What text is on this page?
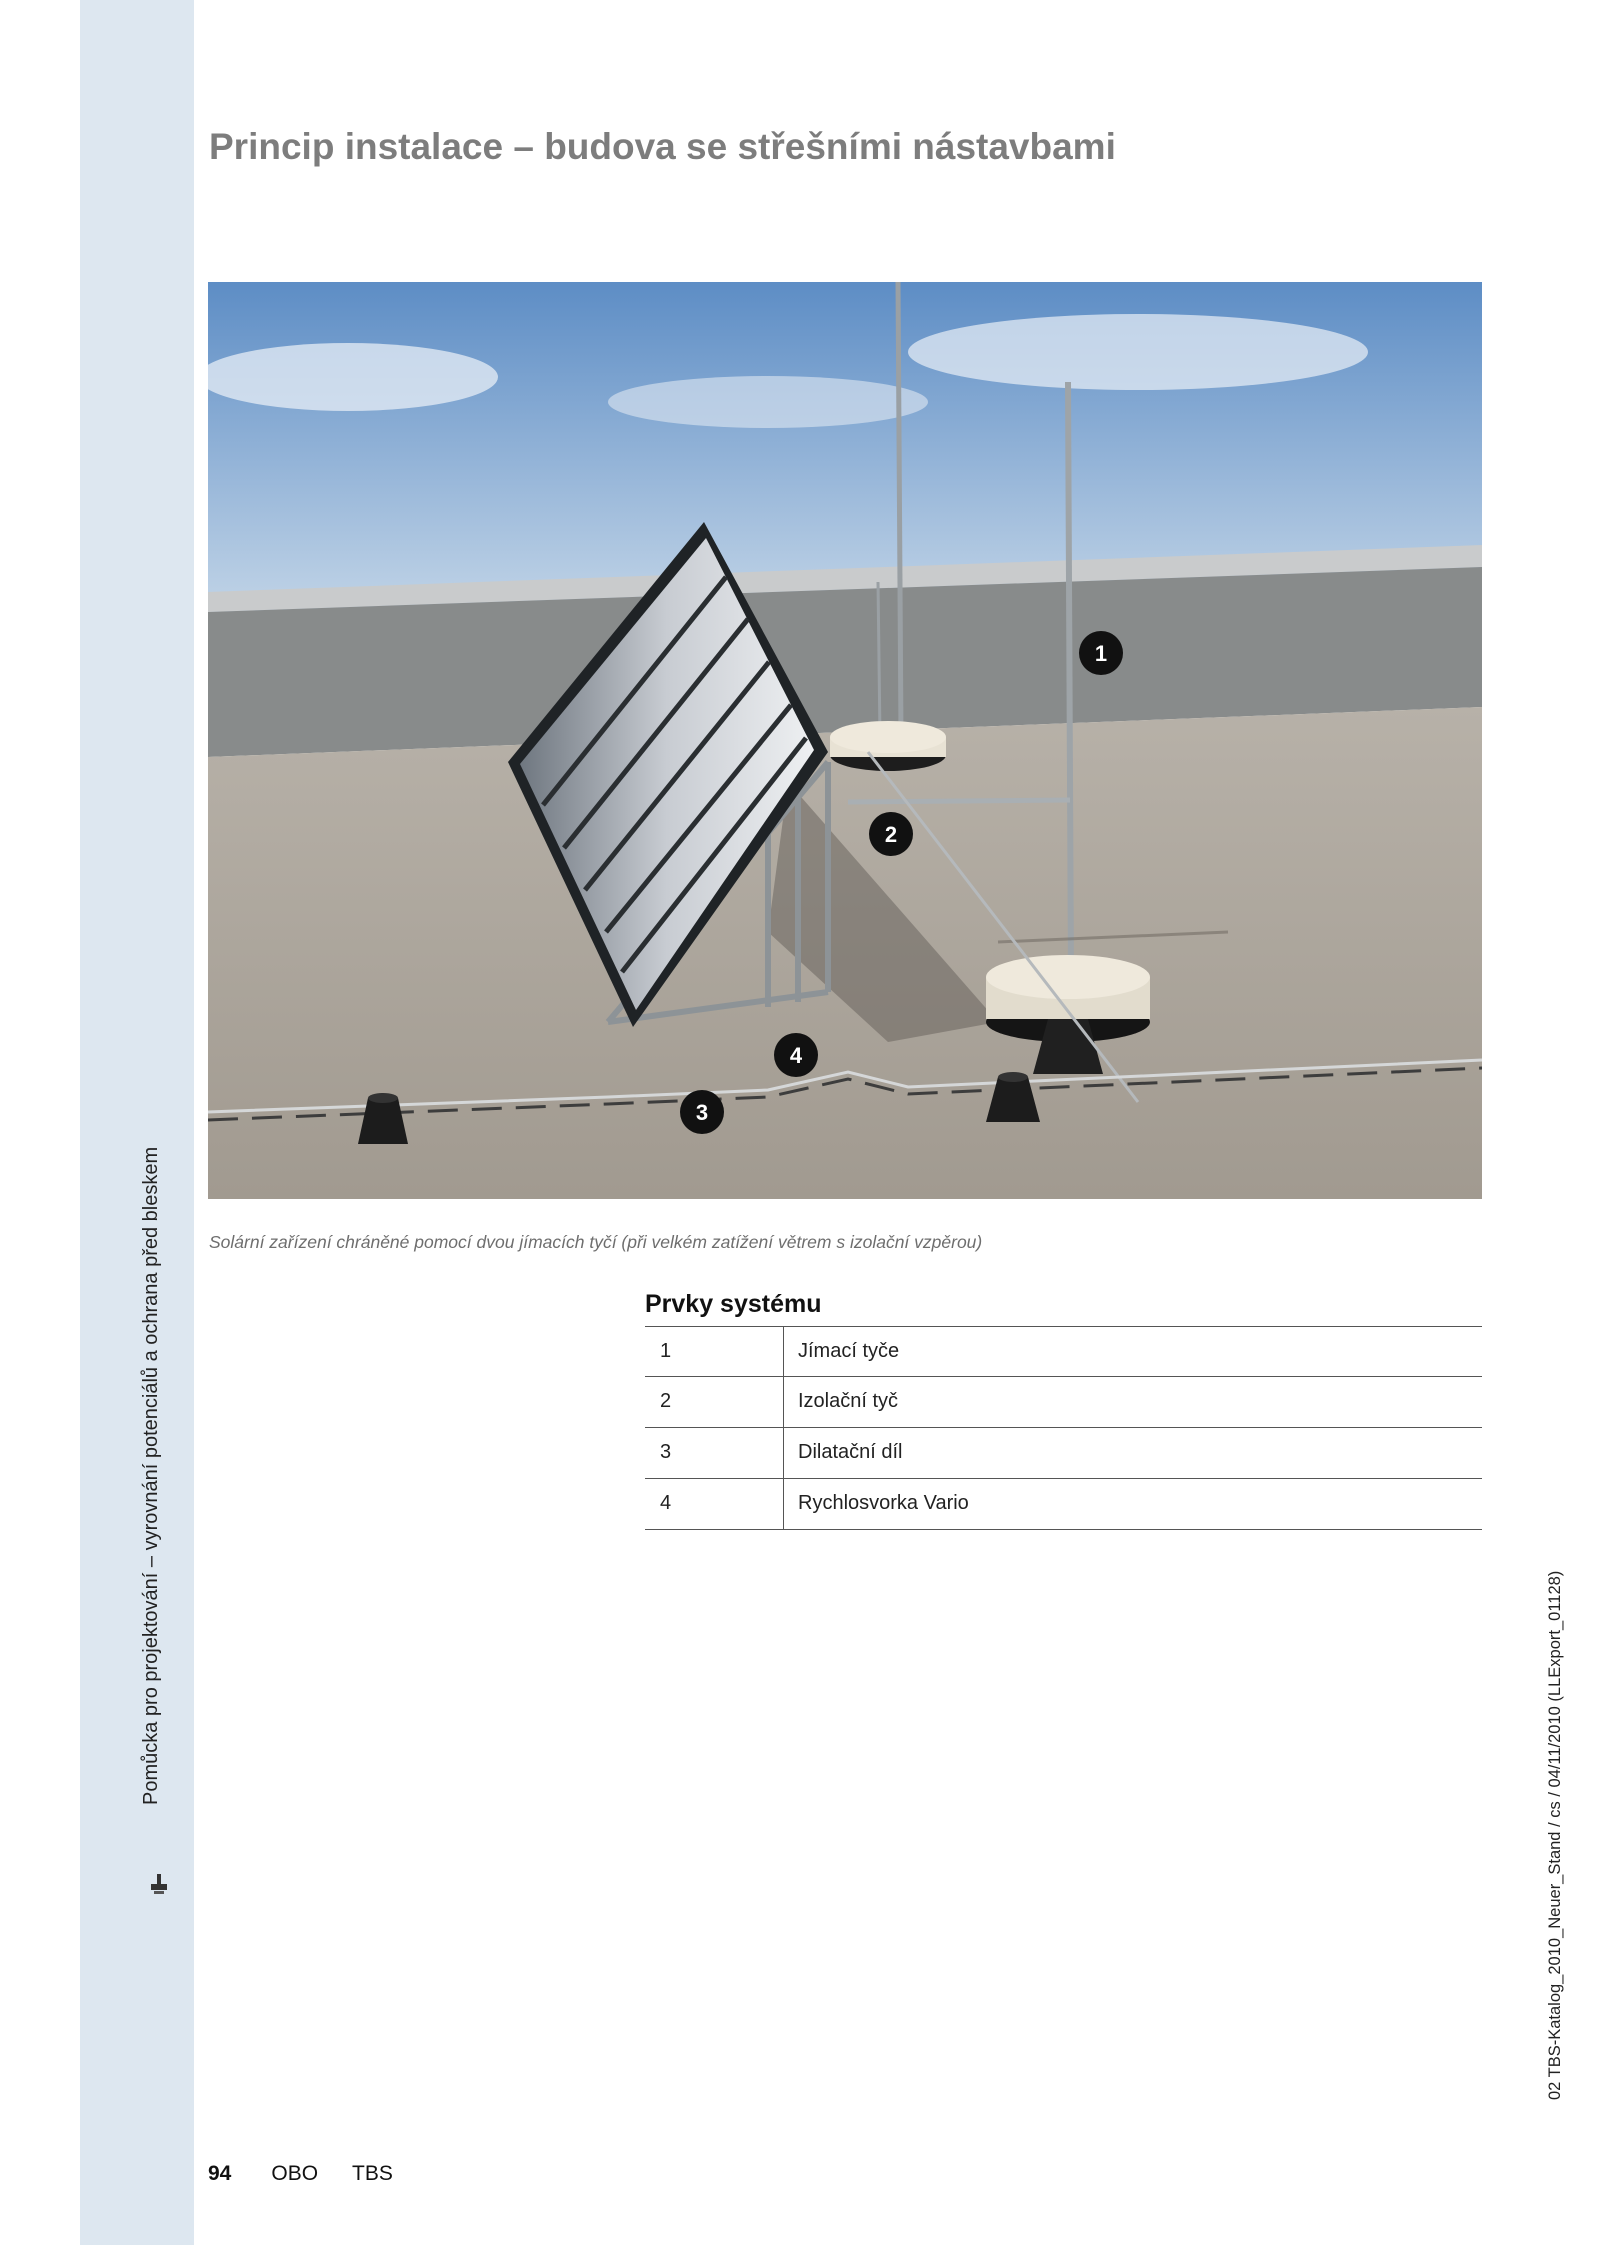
Pomůcka pro projektování – vyrovnání potenciálů a ochrana před bleskem
Princip instalace – budova se střešními nástavbami
1
2
3
4
Solární zařízení chráněné pomocí dvou jímacích tyčí (při velkém zatížení větrem s izolační vzpěrou)
Prvky systému
1	Jímací tyče
2	Izolační tyč
3	Dilatační díl
4	Rychlosvorka Vario
02 TBS-Katalog_2010_Neuer_Stand / cs / 04/11/2010 (LLExport_01128)
94 OBO TBS
